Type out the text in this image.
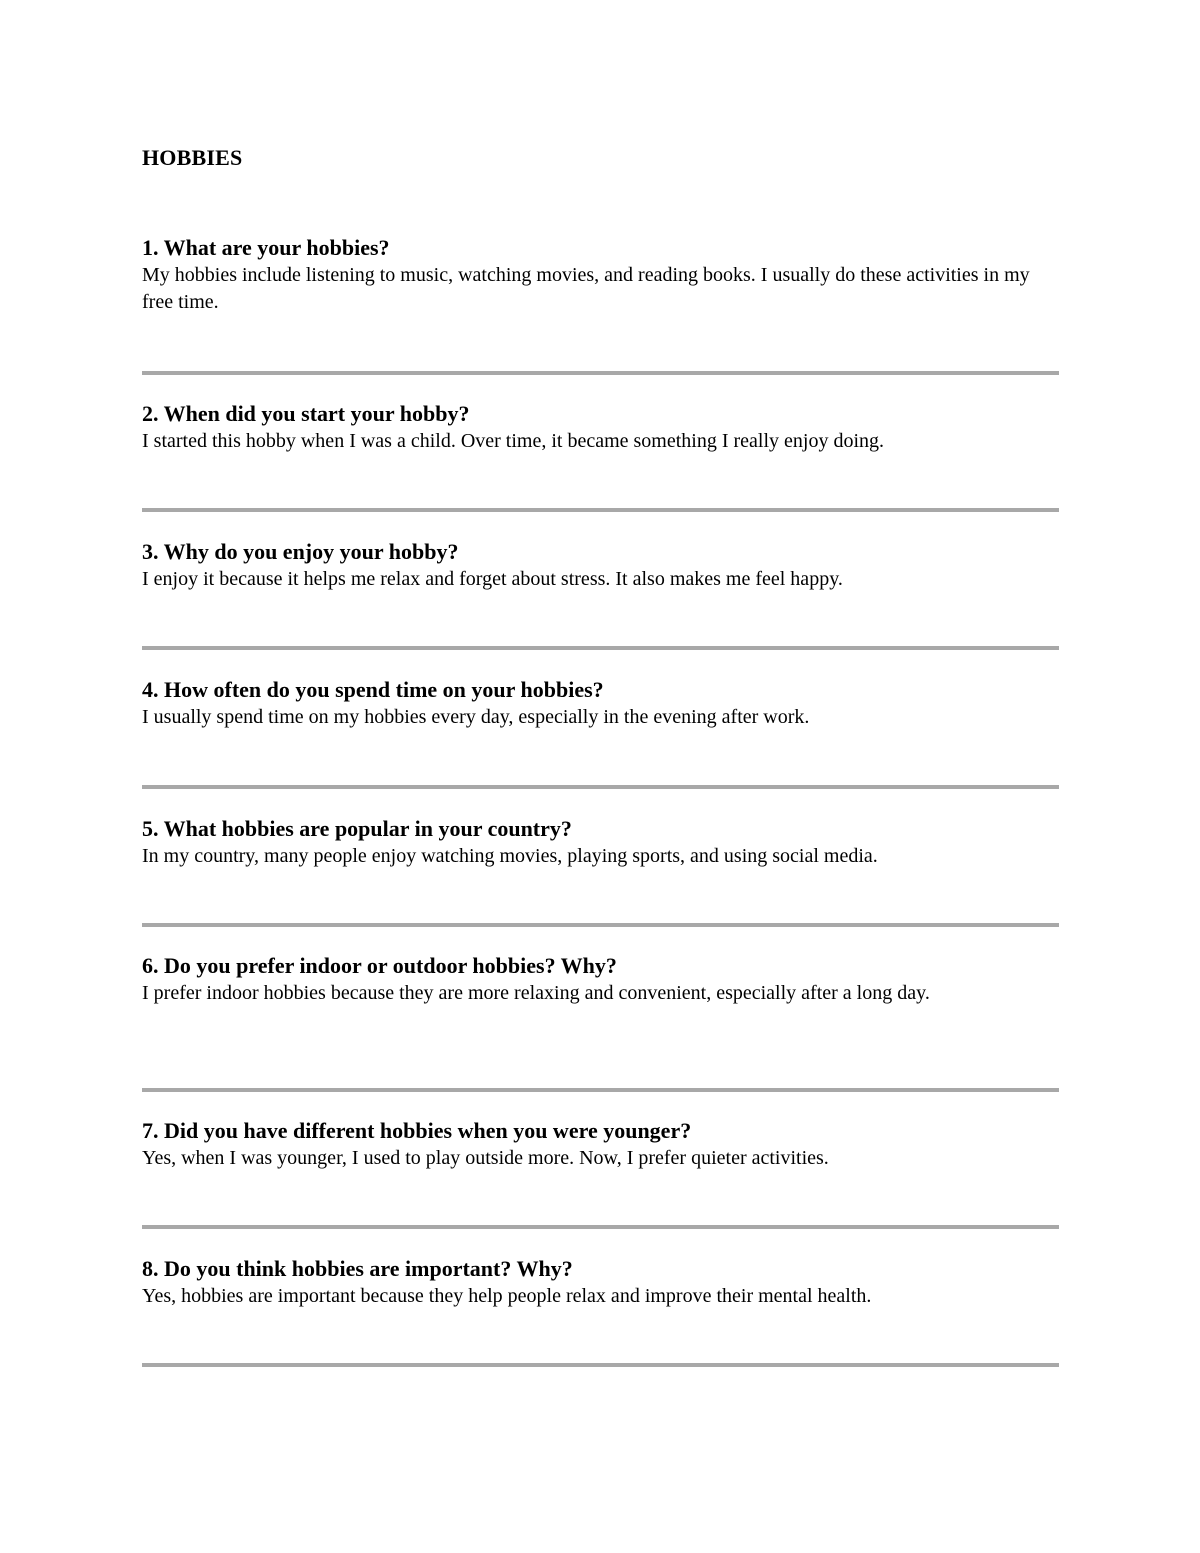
HOBBIES

1. What are your hobbies?

My hobbies include listening to music, watching movies, and reading books. I usually do these activities in my free time.

2. When did you start your hobby?

I started this hobby when I was a child. Over time, it became something I really enjoy doing.

3. Why do you enjoy your hobby?

I enjoy it because it helps me relax and forget about stress. It also makes me feel happy.

4. How often do you spend time on your hobbies?

I usually spend time on my hobbies every day, especially in the evening after work.

5. What hobbies are popular in your country?

In my country, many people enjoy watching movies, playing sports, and using social media.

6. Do you prefer indoor or outdoor hobbies? Why?

I prefer indoor hobbies because they are more relaxing and convenient, especially after a long day.

7. Did you have different hobbies when you were younger?

Yes, when I was younger, I used to play outside more. Now, I prefer quieter activities.

8. Do you think hobbies are important? Why?

Yes, hobbies are important because they help people relax and improve their mental health.
